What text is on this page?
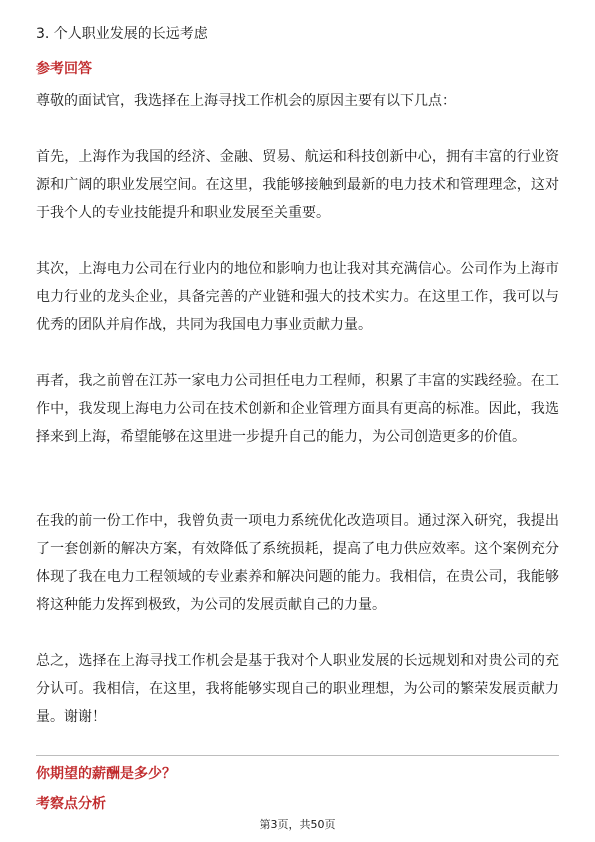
3. 个人职业发展的长远考虑
参考回答

尊敬的面试官，我选择在上海寻找工作机会的原因主要有以下几点：

首先，上海作为我国的经济、金融、贸易、航运和科技创新中心，拥有丰富的行业资源和广阔的职业发展空间。在这里，我能够接触到最新的电力技术和管理理念，这对于我个人的专业技能提升和职业发展至关重要。

其次，上海电力公司在行业内的地位和影响力也让我对其充满信心。公司作为上海市电力行业的龙头企业，具备完善的产业链和强大的技术实力。在这里工作，我可以与优秀的团队并肩作战，共同为我国电力事业贡献力量。

再者，我之前曾在江苏一家电力公司担任电力工程师，积累了丰富的实践经验。在工作中，我发现上海电力公司在技术创新和企业管理方面具有更高的标准。因此，我选择来到上海，希望能够在这里进一步提升自己的能力，为公司创造更多的价值。

在我的前一份工作中，我曾负责一项电力系统优化改造项目。通过深入研究，我提出了一套创新的解决方案，有效降低了系统损耗，提高了电力供应效率。这个案例充分体现了我在电力工程领域的专业素养和解决问题的能力。我相信，在贵公司，我能够将这种能力发挥到极致，为公司的发展贡献自己的力量。

总之，选择在上海寻找工作机会是基于我对个人职业发展的长远规划和对贵公司的充分认可。我相信，在这里，我将能够实现自己的职业理想，为公司的繁荣发展贡献力量。谢谢！

你期望的薪酬是多少？
考察点分析
第3页，共50页
